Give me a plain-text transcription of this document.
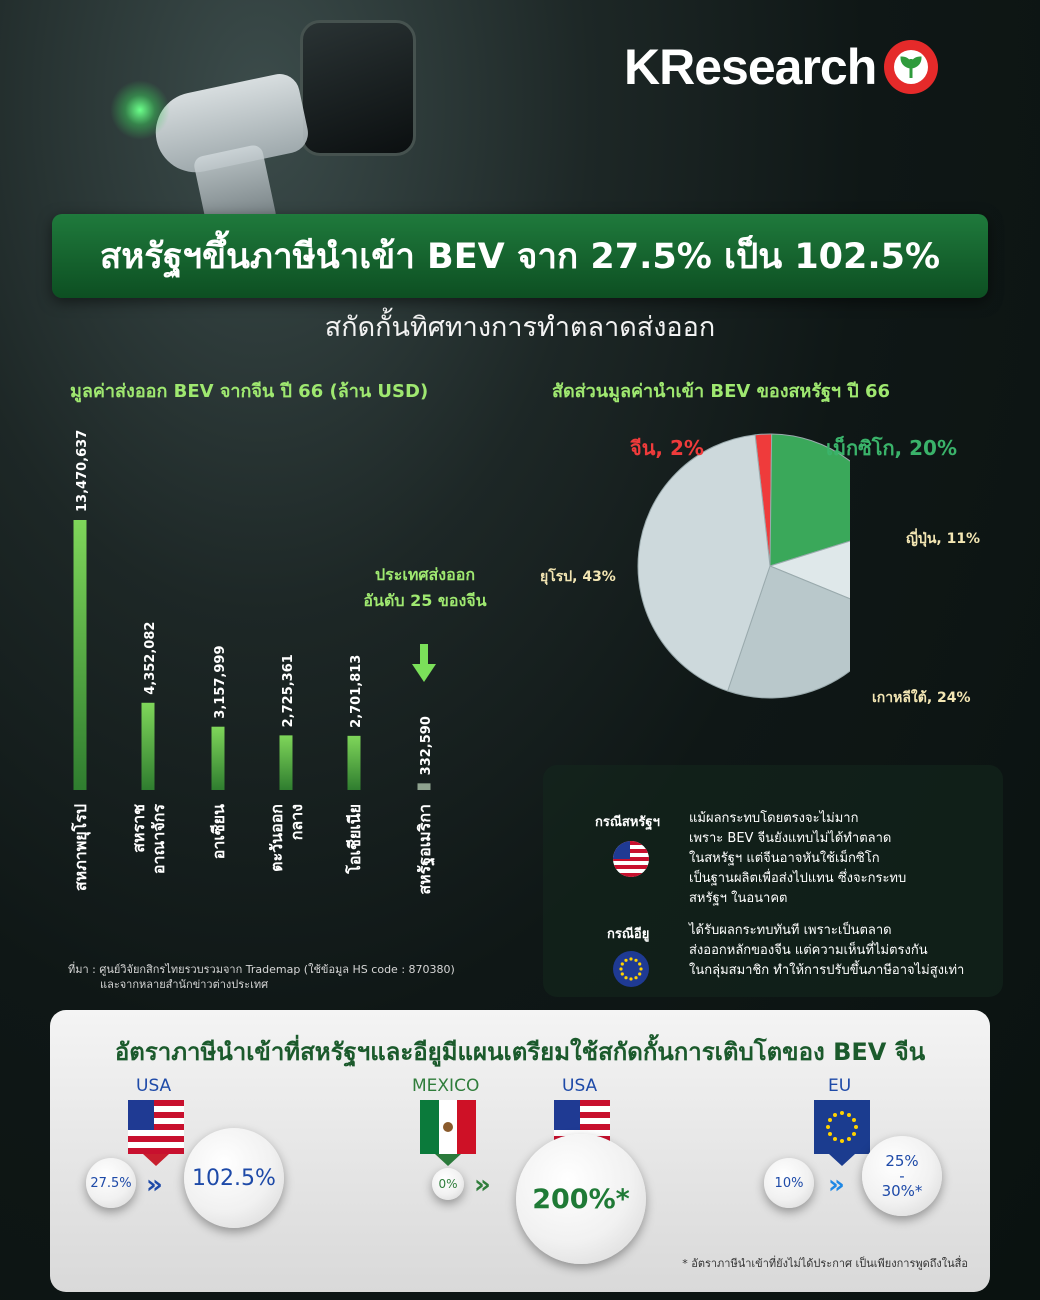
KResearch
สหรัฐฯขึ้นภาษีนำเข้า BEV จาก 27.5% เป็น 102.5%
สกัดกั้นทิศทางการทำตลาดส่งออก
มูลค่าส่งออก BEV จากจีน ปี 66 (ล้าน USD)	สัดส่วนมูลค่านำเข้า BEV ของสหรัฐฯ ปี 66
13,470,637
สหภาพยุโรป
4,352,082
สหราช อาณาจักร
3,157,999
อาเซียน
2,725,361
ตะวันออก กลาง
2,701,813
โอเชียเนีย
332,590
สหรัฐอเมริกา
ประเทศส่งออก
อันดับ 25 ของจีน
จีน, 2%	เม็กซิโก, 20%
ญี่ปุ่น, 11%
เกาหลีใต้, 24%
ยุโรป, 43%
กรณีสหรัฐฯ แม้ผลกระทบโดยตรงจะไม่มาก
เพราะ BEV จีนยังแทบไม่ได้ทำตลาด
ในสหรัฐฯ แต่จีนอาจหันใช้เม็กซิโก
เป็นฐานผลิตเพื่อส่งไปแทน ซึ่งจะกระทบ
สหรัฐฯ ในอนาคต
กรณีอียู	ได้รับผลกระทบทันที เพราะเป็นตลาด
ส่งออกหลักของจีน แต่ความเห็นที่ไม่ตรงกัน
ในกลุ่มสมาชิก ทำให้การปรับขึ้นภาษีอาจไม่สูงเท่า
ที่มา : ศูนย์วิจัยกสิกรไทยรวบรวมจาก Trademap (ใช้ข้อมูล HS code : 870380)
และจากหลายสำนักข่าวต่างประเทศ
อัตราภาษีนำเข้าที่สหรัฐฯและอียูมีแผนเตรียมใช้สกัดกั้นการเติบโตของ BEV จีน
USA
27.5% »	102.5%
MEXICO
0% »
USA
200%*
EU
10% »
25%
-
30%*
* อัตราภาษีนำเข้าที่ยังไม่ได้ประกาศ เป็นเพียงการพูดถึงในสื่อ
